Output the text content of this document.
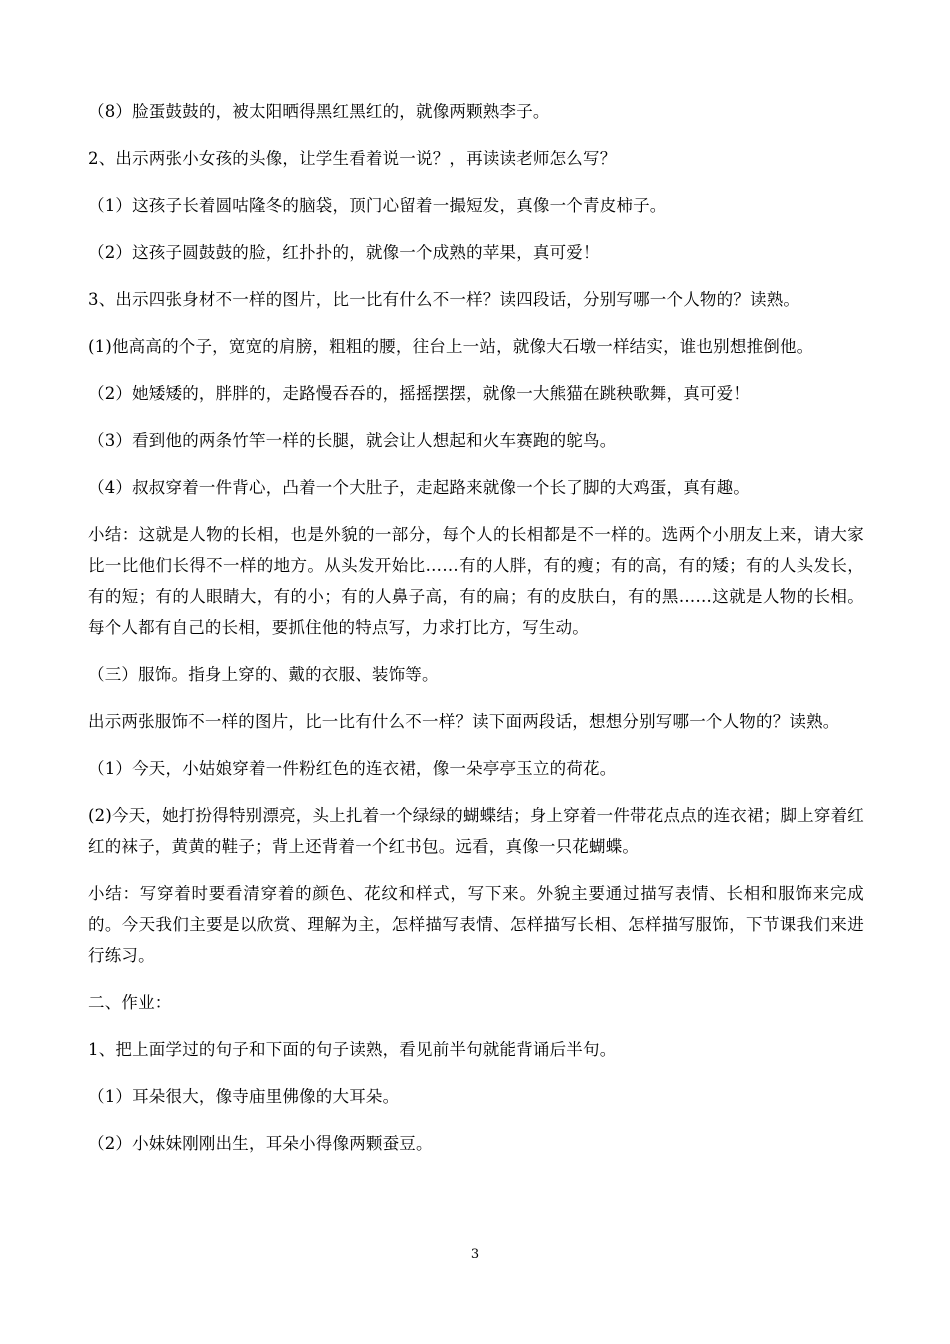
（8）脸蛋鼓鼓的，被太阳晒得黑红黑红的，就像两颗熟李子。

2、出示两张小女孩的头像，让学生看着说一说？，再读读老师怎么写？

（1）这孩子长着圆咕隆冬的脑袋，顶门心留着一撮短发，真像一个青皮柿子。

（2）这孩子圆鼓鼓的脸，红扑扑的，就像一个成熟的苹果，真可爱！

3、出示四张身材不一样的图片，比一比有什么不一样？读四段话，分别写哪一个人物的？读熟。

(1)他高高的个子，宽宽的肩膀，粗粗的腰，往台上一站，就像大石墩一样结实，谁也别想推倒他。

（2）她矮矮的，胖胖的，走路慢吞吞的，摇摇摆摆，就像一大熊猫在跳秧歌舞，真可爱！

（3）看到他的两条竹竿一样的长腿，就会让人想起和火车赛跑的鸵鸟。

（4）叔叔穿着一件背心，凸着一个大肚子，走起路来就像一个长了脚的大鸡蛋，真有趣。

小结：这就是人物的长相，也是外貌的一部分，每个人的长相都是不一样的。选两个小朋友上来，请大家比一比他们长得不一样的地方。从头发开始比……有的人胖，有的瘦；有的高，有的矮；有的人头发长，有的短；有的人眼睛大，有的小；有的人鼻子高，有的扁；有的皮肤白，有的黑……这就是人物的长相。每个人都有自己的长相，要抓住他的特点写，力求打比方，写生动。

（三）服饰。指身上穿的、戴的衣服、装饰等。

出示两张服饰不一样的图片，比一比有什么不一样？读下面两段话，想想分别写哪一个人物的？读熟。

（1）今天，小姑娘穿着一件粉红色的连衣裙，像一朵亭亭玉立的荷花。

(2)今天，她打扮得特别漂亮，头上扎着一个绿绿的蝴蝶结；身上穿着一件带花点点的连衣裙；脚上穿着红红的袜子，黄黄的鞋子；背上还背着一个红书包。远看，真像一只花蝴蝶。

小结：写穿着时要看清穿着的颜色、花纹和样式，写下来。外貌主要通过描写表情、长相和服饰来完成的。今天我们主要是以欣赏、理解为主，怎样描写表情、怎样描写长相、怎样描写服饰，下节课我们来进行练习。

二、作业：

1、把上面学过的句子和下面的句子读熟，看见前半句就能背诵后半句。

（1）耳朵很大，像寺庙里佛像的大耳朵。

（2）小妹妹刚刚出生，耳朵小得像两颗蚕豆。

3
